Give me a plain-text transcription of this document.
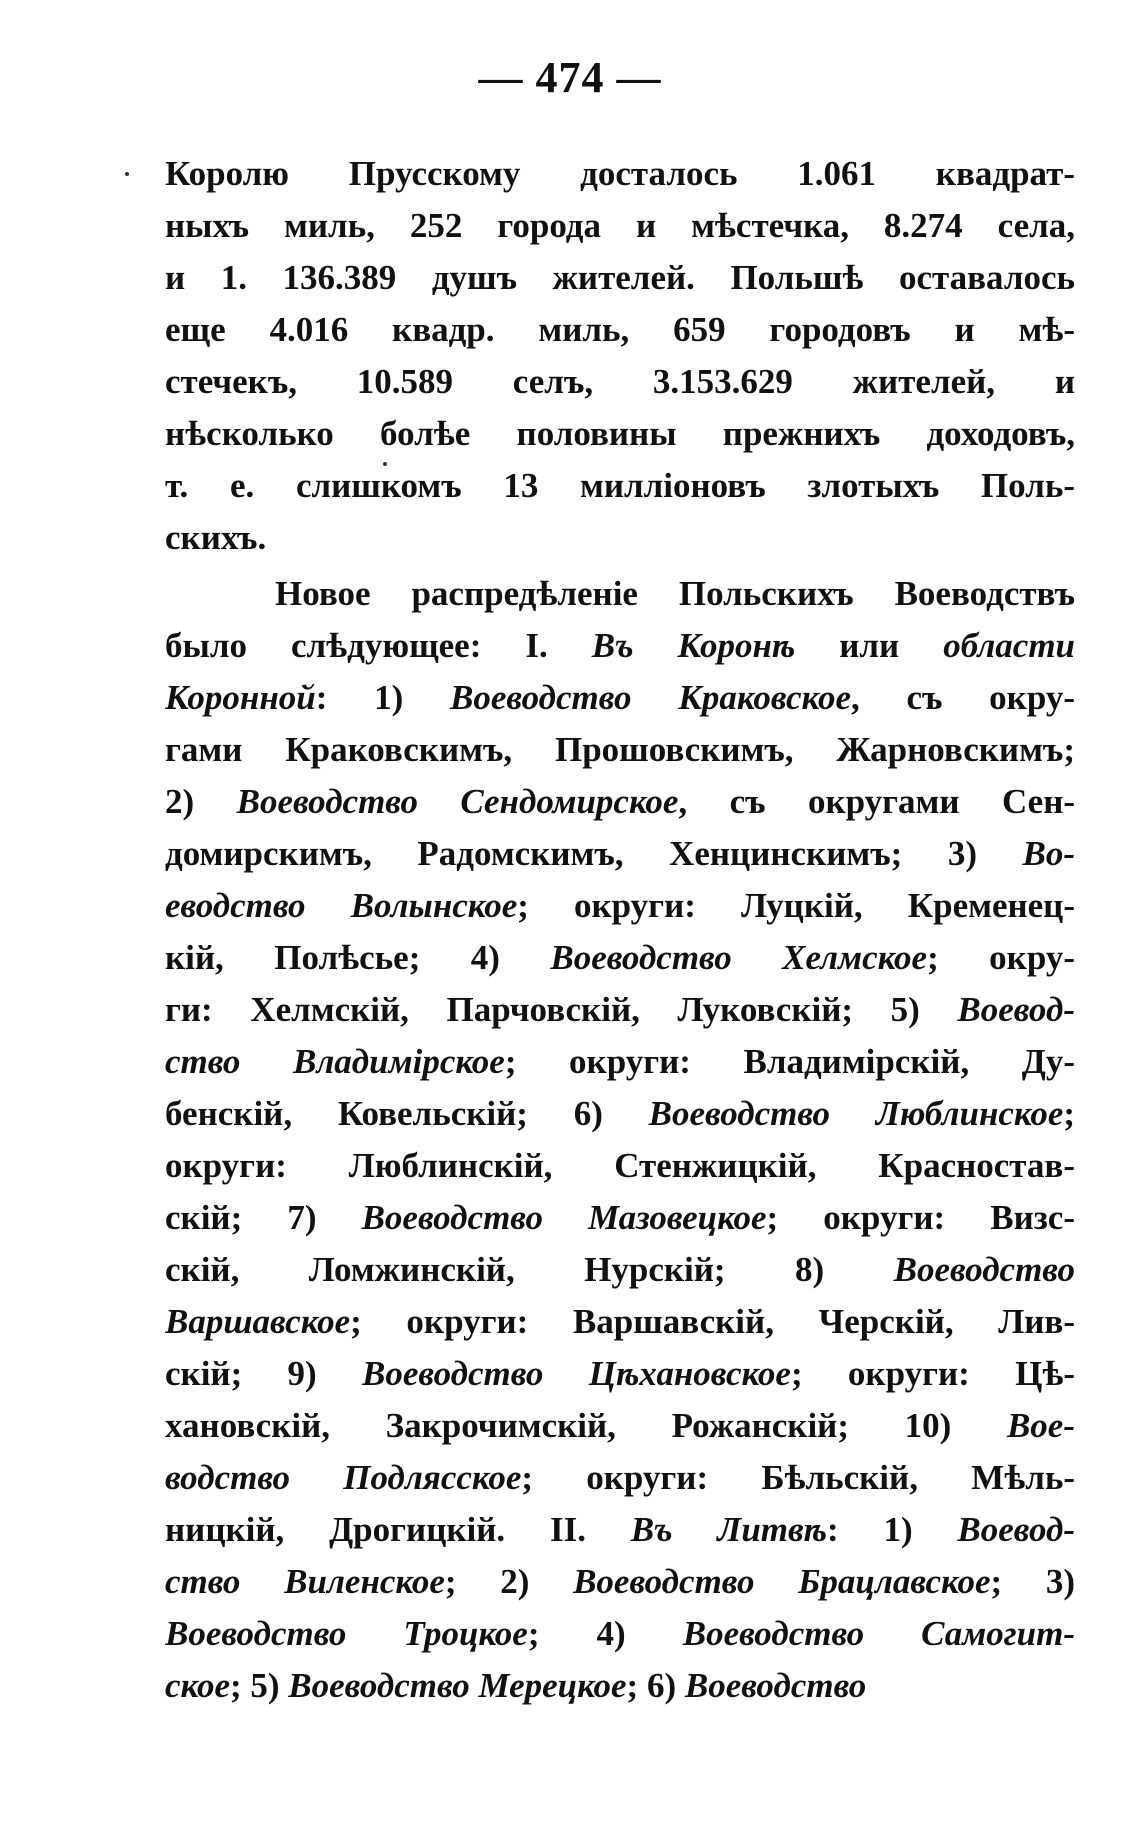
— 474 —
Королю Прусскому досталось 1.061 квадрат-
ныхъ миль, 252 города и мѣстечка, 8.274 села,
и 1. 136.389 душъ жителей. Польшѣ оставалось
еще 4.016 квадр. миль, 659 городовъ и мѣ-
стечекъ, 10.589 селъ, 3.153.629 жителей, и
нѣсколько болѣе половины прежнихъ доходовъ,
т. е. слишкомъ 13 милліоновъ злотыхъ Поль-
скихъ.
Новое распредѣленіе Польскихъ Воеводствъ
было слѣдующее: I. Въ Коронѣ или области
Коронной: 1) Воеводство Краковское, съ окру-
гами Краковскимъ, Прошовскимъ, Жарновскимъ;
2) Воеводство Сендомирское, съ округами Сен-
домирскимъ, Радомскимъ, Хенцинскимъ; 3) Во-
еводство Волынское; округи: Луцкій, Кременец-
кій, Полѣсье; 4) Воеводство Хелмское; окру-
ги: Хелмскій, Парчовскій, Луковскій; 5) Воевод-
ство Владимірское; округи: Владимірскій, Ду-
бенскій, Ковельскій; 6) Воеводство Люблинское;
округи: Люблинскій, Стенжицкій, Красностав-
скій; 7) Воеводство Мазовецкое; округи: Визс-
скій, Ломжинскій, Нурскій; 8) Воеводство
Варшавское; округи: Варшавскій, Черскій, Лив-
скій; 9) Воеводство Цѣхановское; округи: Цѣ-
хановскій, Закрочимскій, Рожанскій; 10) Вое-
водство Подлясское; округи: Бѣльскій, Мѣль-
ницкій, Дрогицкій. II. Въ Литвѣ: 1) Воевод-
ство Виленское; 2) Воеводство Брацлавское; 3)
Воеводство Троцкое; 4) Воеводство Самогит-
ское; 5) Воеводство Мерецкое; 6) Воеводство
